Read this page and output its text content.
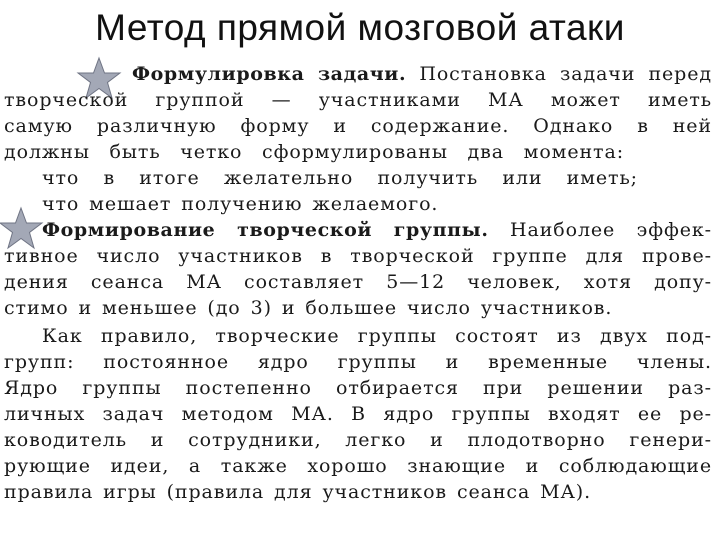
Метод прямой мозговой атаки
Формулировка задачи. Постановка задачи перед
творческой группой — участниками МА может иметь
самую различную форму и содержание. Однако в ней
должны быть четко сформулированы два момента:
что в итоге желательно получить или иметь;
что мешает получению желаемого.
Формирование творческой группы. Наиболее эффек-
тивное число участников в творческой группе для прове-
дения сеанса МА составляет 5—12 человек, хотя допу-
стимо и меньшее (до 3) и большее число участников.
Как правило, творческие группы состоят из двух под-
групп: постоянное ядро группы и временные члены.
Ядро группы постепенно отбирается при решении раз-
личных задач методом МА. В ядро группы входят ее ре-
ководитель и сотрудники, легко и плодотворно генери-
рующие идеи, а также хорошо знающие и соблюдающие
правила игры (правила для участников сеанса МА).
